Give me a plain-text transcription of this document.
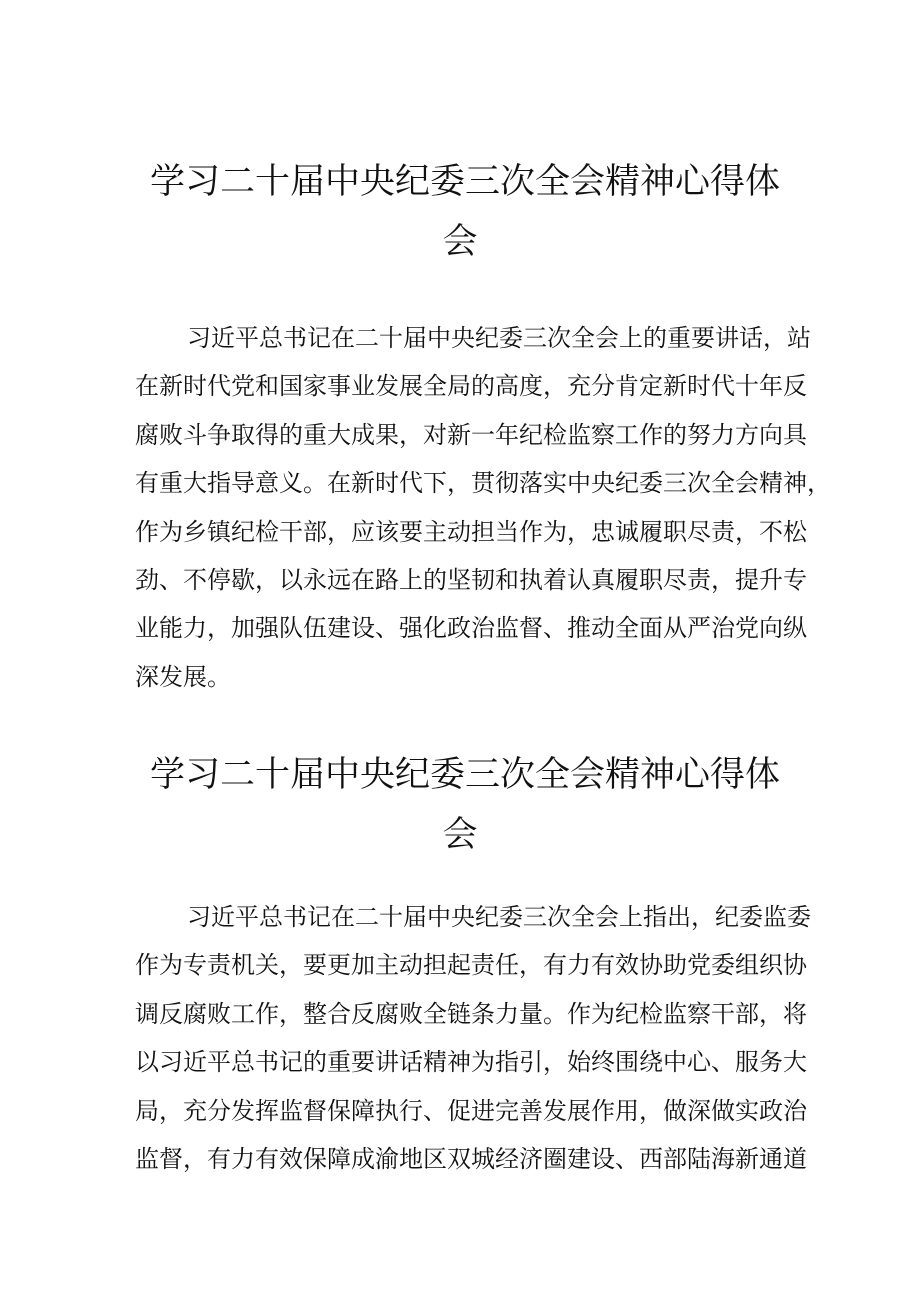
学习二十届中央纪委三次全会精神心得体
会
习近平总书记在二十届中央纪委三次全会上的重要讲话，站
在新时代党和国家事业发展全局的高度，充分肯定新时代十年反
腐败斗争取得的重大成果，对新一年纪检监察工作的努力方向具
有重大指导意义。在新时代下，贯彻落实中央纪委三次全会精神，
作为乡镇纪检干部，应该要主动担当作为，忠诚履职尽责，不松
劲、不停歇，以永远在路上的坚韧和执着认真履职尽责，提升专
业能力，加强队伍建设、强化政治监督、推动全面从严治党向纵
深发展。
学习二十届中央纪委三次全会精神心得体
会
习近平总书记在二十届中央纪委三次全会上指出，纪委监委
作为专责机关，要更加主动担起责任，有力有效协助党委组织协
调反腐败工作，整合反腐败全链条力量。作为纪检监察干部，将
以习近平总书记的重要讲话精神为指引，始终围绕中心、服务大
局，充分发挥监督保障执行、促进完善发展作用，做深做实政治
监督，有力有效保障成渝地区双城经济圈建设、西部陆海新通道
